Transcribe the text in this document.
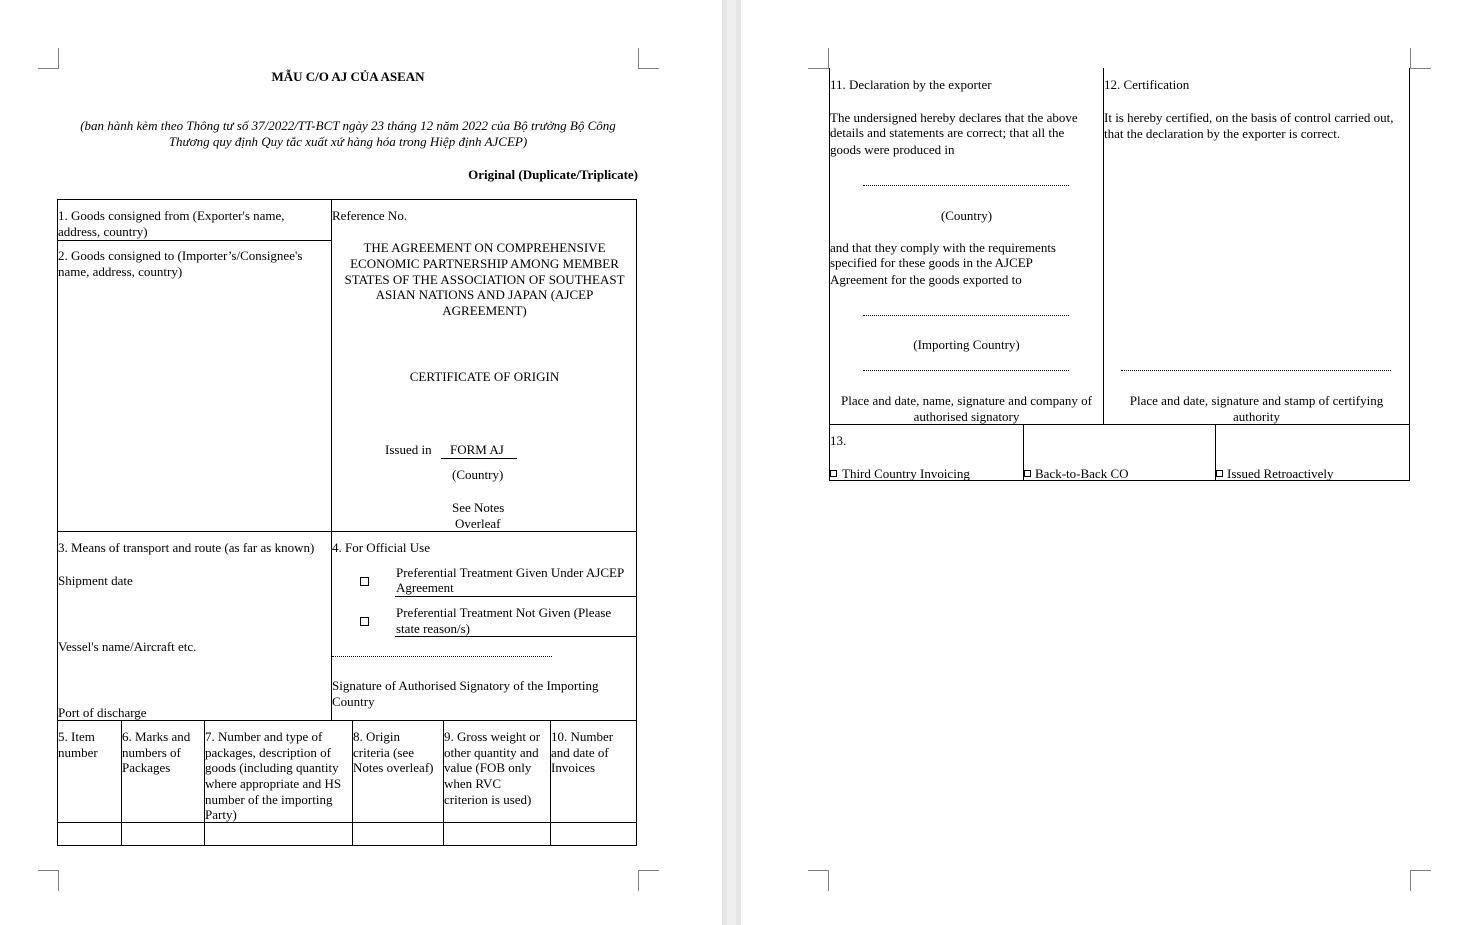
MẪU C/O AJ CỦA ASEAN
(ban hành kèm theo Thông tư số 37/2022/TT-BCT ngày 23 tháng 12 năm 2022 của Bộ trưởng Bộ Công
Thương quy định Quy tắc xuất xứ hàng hóa trong Hiệp định AJCEP)
Original (Duplicate/Triplicate)
1. Goods consigned from (Exporter's name,
address, country)
2. Goods consigned to (Importer’s/Consignee's
name, address, country)
Reference No.
THE AGREEMENT ON COMPREHENSIVE
ECONOMIC PARTNERSHIP AMONG MEMBER
STATES OF THE ASSOCIATION OF SOUTHEAST
ASIAN NATIONS AND JAPAN (AJCEP
AGREEMENT)
CERTIFICATE OF ORIGIN
Issued in FORM AJ
(Country)
See Notes
Overleaf
3. Means of transport and route (as far as known)
Shipment date
Vessel's name/Aircraft etc.
Port of discharge
4. For Official Use
Preferential Treatment Given Under AJCEP
Agreement
Preferential Treatment Not Given (Please
state reason/s)
Signature of Authorised Signatory of the Importing
Country
5. Item
number
6. Marks and
numbers of
Packages
7. Number and type of
packages, description of
goods (including quantity
where appropriate and HS
number of the importing
Party)
8. Origin
criteria (see
Notes overleaf)
9. Gross weight or
other quantity and
value (FOB only
when RVC
criterion is used)
10. Number
and date of
Invoices
11. Declaration by the exporter
The undersigned hereby declares that the above
details and statements are correct; that all the
goods were produced in
(Country)
and that they comply with the requirements
specified for these goods in the AJCEP
Agreement for the goods exported to
(Importing Country)
Place and date, name, signature and company of
authorised signatory
12. Certification
It is hereby certified, on the basis of control carried out,
that the declaration by the exporter is correct.
Place and date, signature and stamp of certifying
authority
13.
Third Country Invoicing	Back-to-Back CO	Issued Retroactively
